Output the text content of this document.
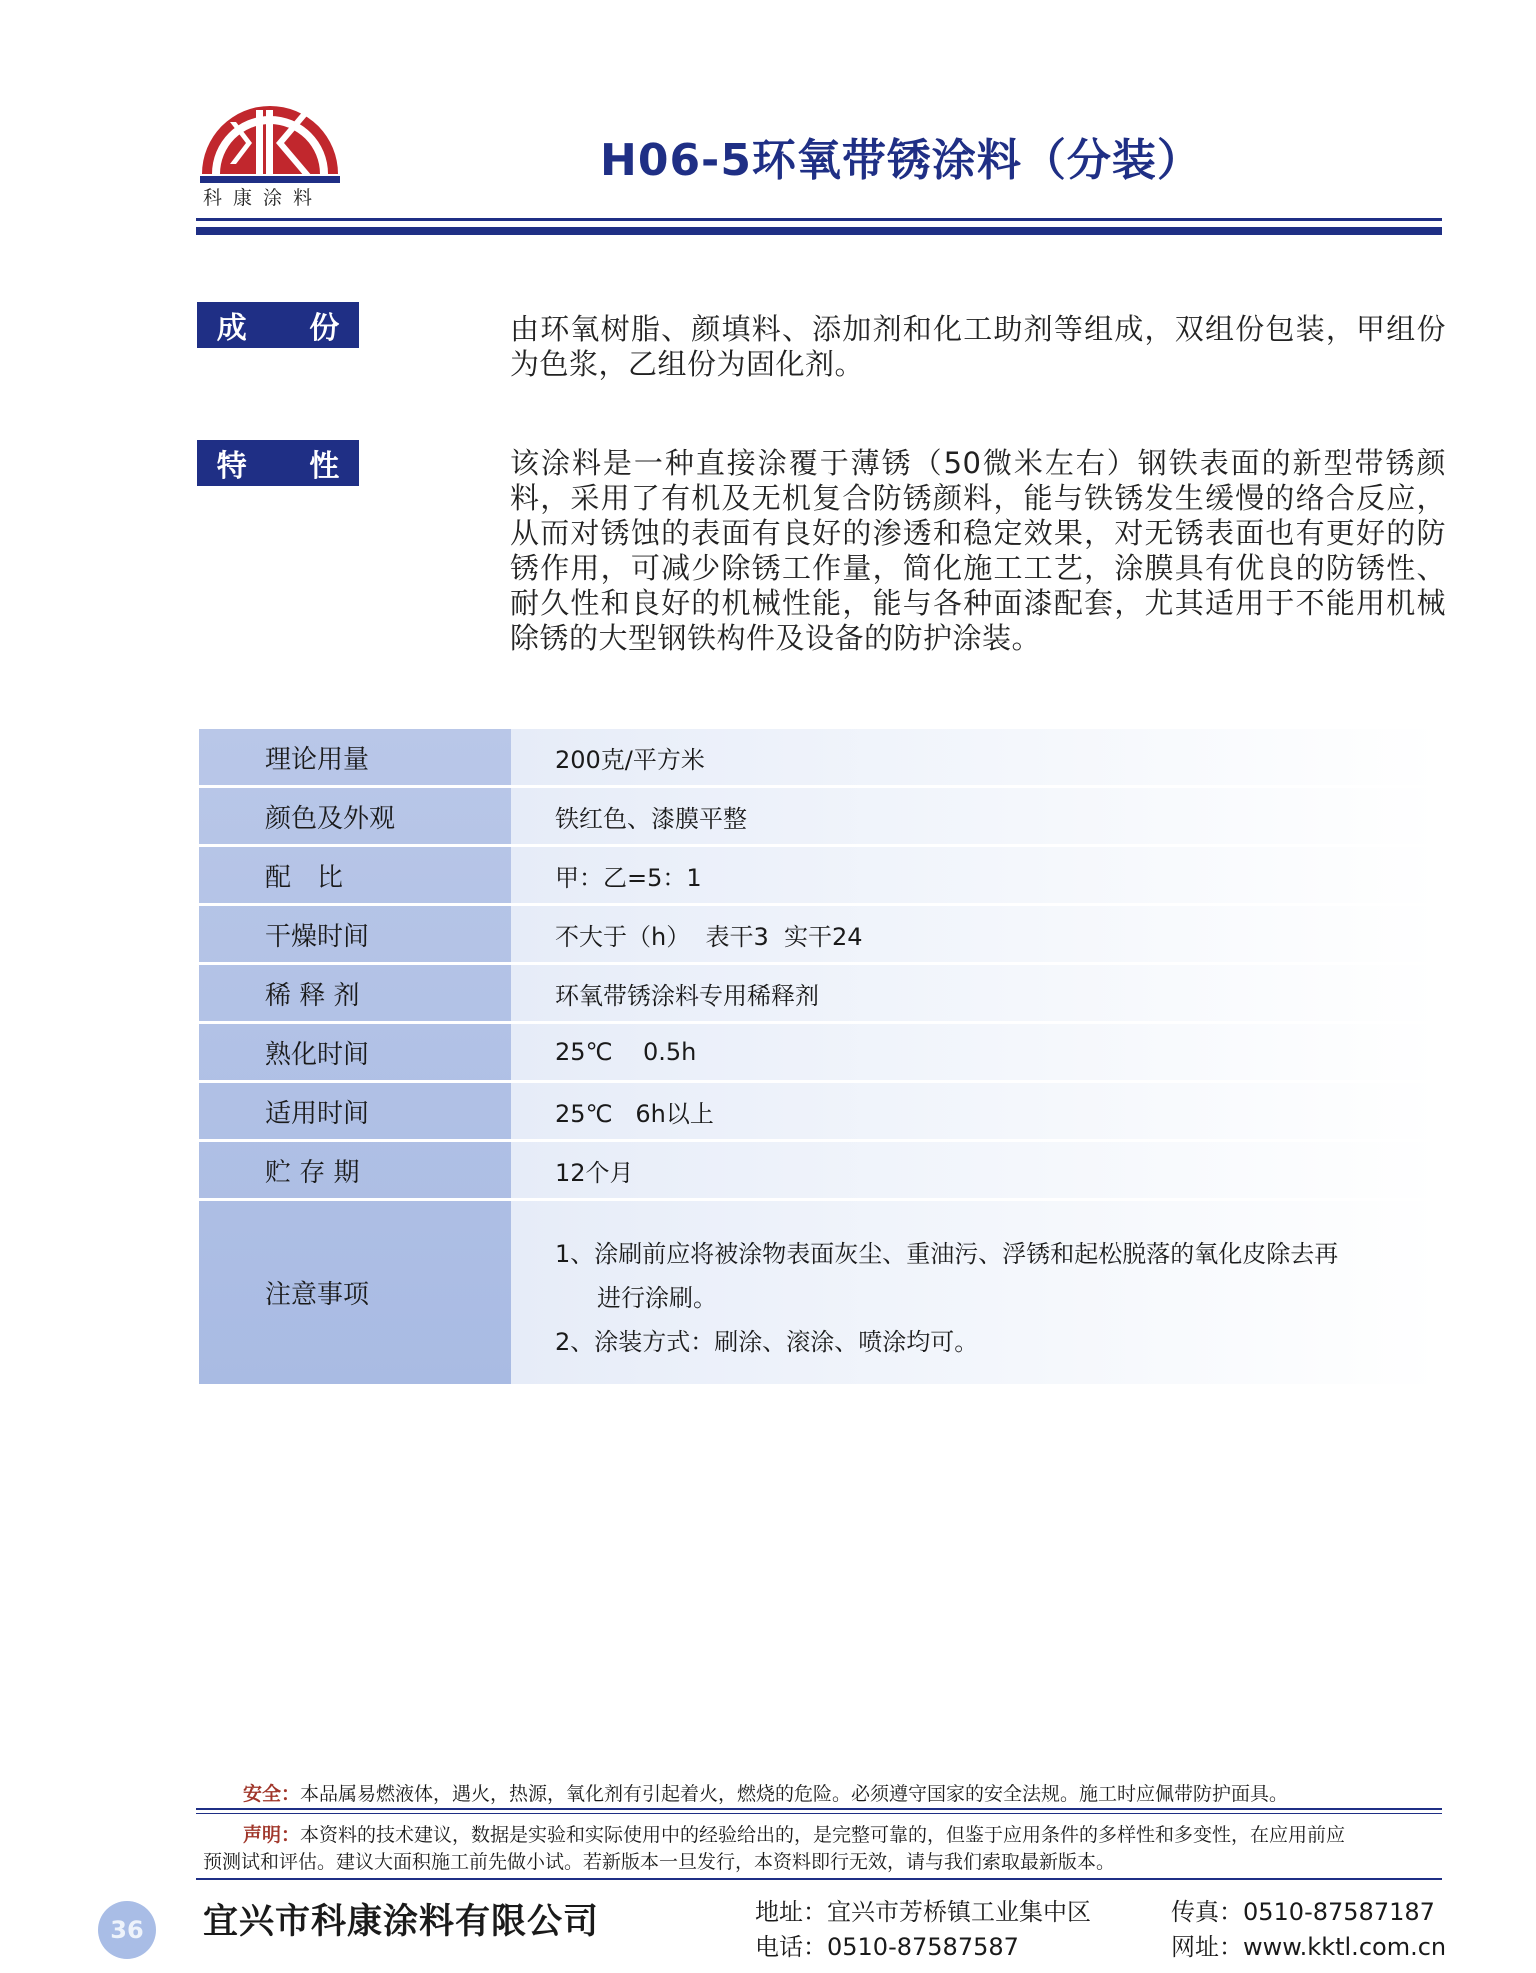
科康涂料
H06-5环氧带锈涂料（分装）
成 份	由环氧树脂、颜填料、添加剂和化工助剂等组成，双组份包装，甲组份为色浆，乙组份为固化剂。
特 性	该涂料是一种直接涂覆于薄锈（50微米左右）钢铁表面的新型带锈颜料，采用了有机及无机复合防锈颜料，能与铁锈发生缓慢的络合反应，从而对锈蚀的表面有良好的渗透和稳定效果，对无锈表面也有更好的防锈作用，可减少除锈工作量，简化施工工艺，涂膜具有优良的防锈性、耐久性和良好的机械性能，能与各种面漆配套，尤其适用于不能用机械除锈的大型钢铁构件及设备的防护涂装。
理论用量	200克/平方米
颜色及外观	铁红色、漆膜平整
配　比	甲：乙=5：1
干燥时间	不大于（h）  表干3  实干24
稀 释 剂	环氧带锈涂料专用稀释剂
熟化时间	25℃    0.5h
适用时间	25℃   6h以上
贮 存 期	12个月
注意事项
1、涂刷前应将被涂物表面灰尘、重油污、浮锈和起松脱落的氧化皮除去再
进行涂刷。
2、涂装方式：刷涂、滚涂、喷涂均可。
安全：本品属易燃液体，遇火，热源，氧化剂有引起着火，燃烧的危险。必须遵守国家的安全法规。施工时应佩带防护面具。
声明：本资料的技术建议，数据是实验和实际使用中的经验给出的，是完整可靠的，但鉴于应用条件的多样性和多变性，在应用前应
预测试和评估。建议大面积施工前先做小试。若新版本一旦发行，本资料即行无效，请与我们索取最新版本。
36	宜兴市科康涂料有限公司	地址：宜兴市芳桥镇工业集中区
电话：0510-87587587
传真：0510-87587187
网址：www.kktl.com.cn
